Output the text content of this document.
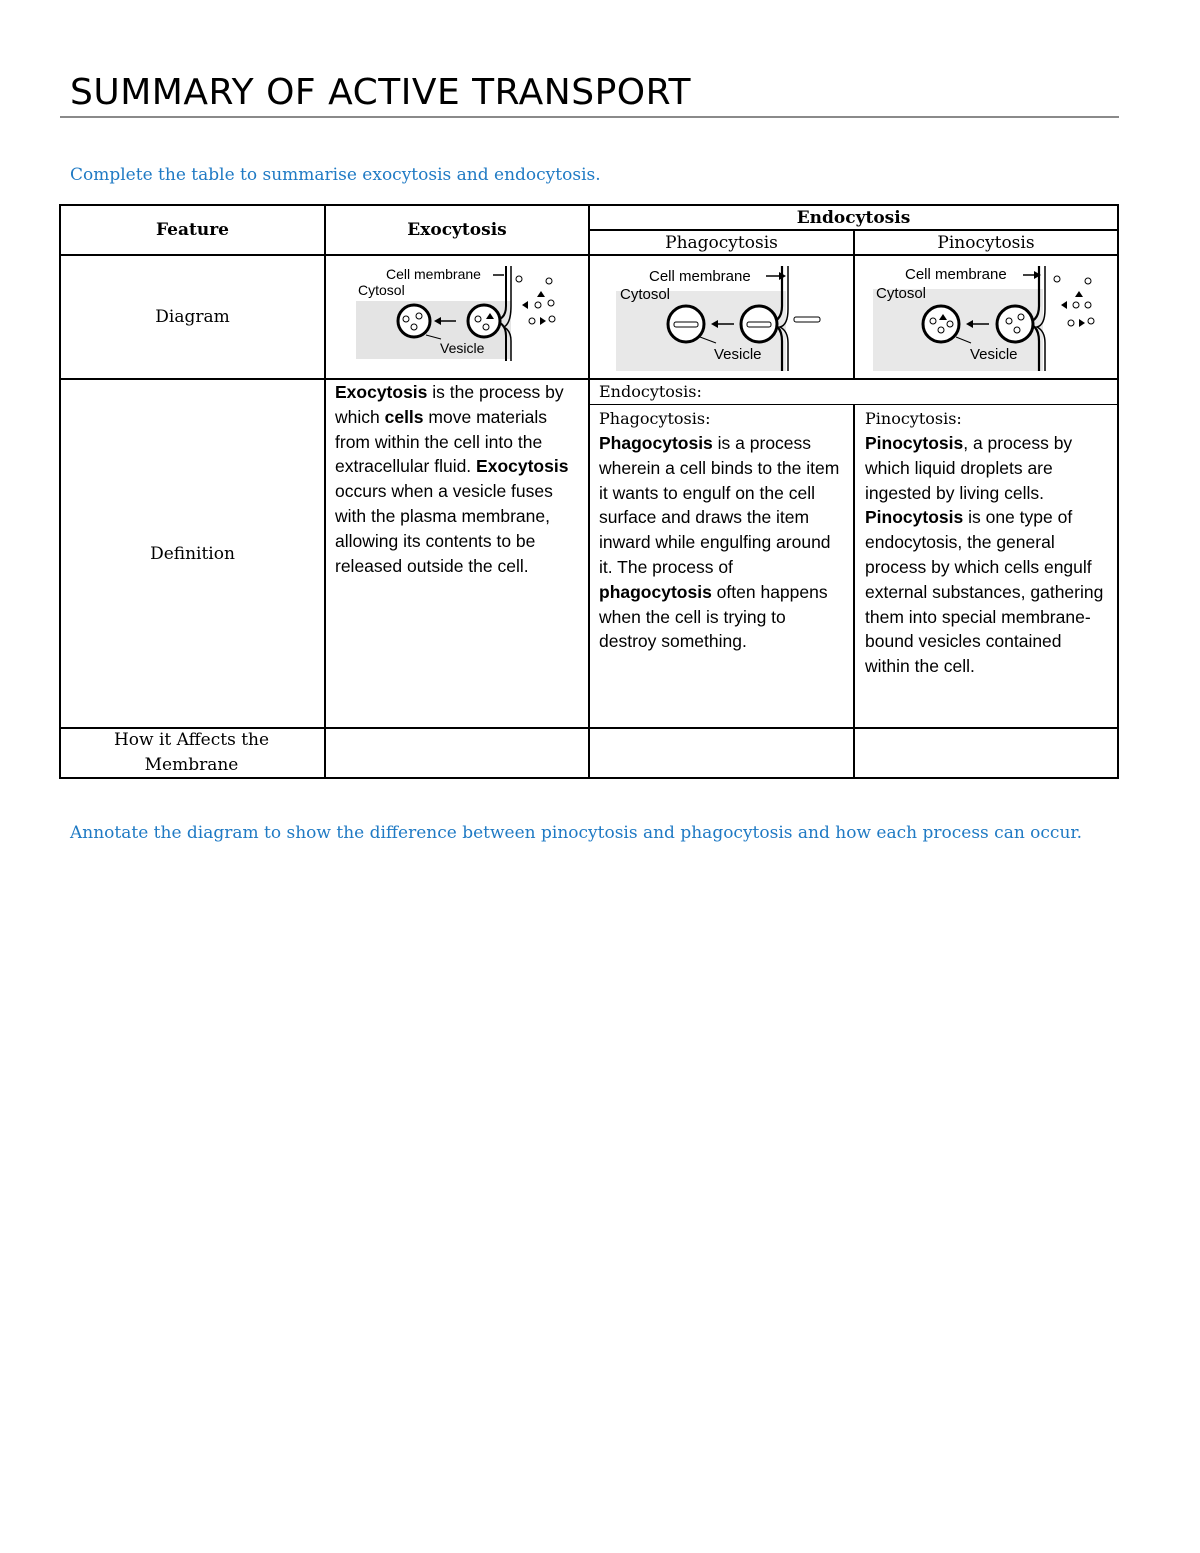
SUMMARY OF ACTIVE TRANSPORT
Complete the table to summarise exocytosis and endocytosis.
Feature	Exocytosis
Endocytosis
Phagocytosis	Pinocytosis
Diagram
Definition
How it Affects the Membrane
Cell membrane
Cytosol
Vesicle
Cell membrane
Cytosol
Vesicle
Cell membrane
Cytosol
Vesicle
Exocytosis is the process by which cells move materials from within the cell into the extracellular fluid. Exocytosis occurs when a vesicle fuses with the plasma membrane, allowing its contents to be released outside the cell.
Endocytosis:
Phagocytosis:
Phagocytosis is a process wherein a cell binds to the item it wants to engulf on the cell surface and draws the item inward while engulfing around it. The process of phagocytosis often happens when the cell is trying to destroy something.
Pinocytosis:
Pinocytosis, a process by which liquid droplets are ingested by living cells. Pinocytosis is one type of endocytosis, the general process by which cells engulf external substances, gathering them into special membrane-bound vesicles contained within the cell.
Annotate the diagram to show the difference between pinocytosis and phagocytosis and how each process can occur.
